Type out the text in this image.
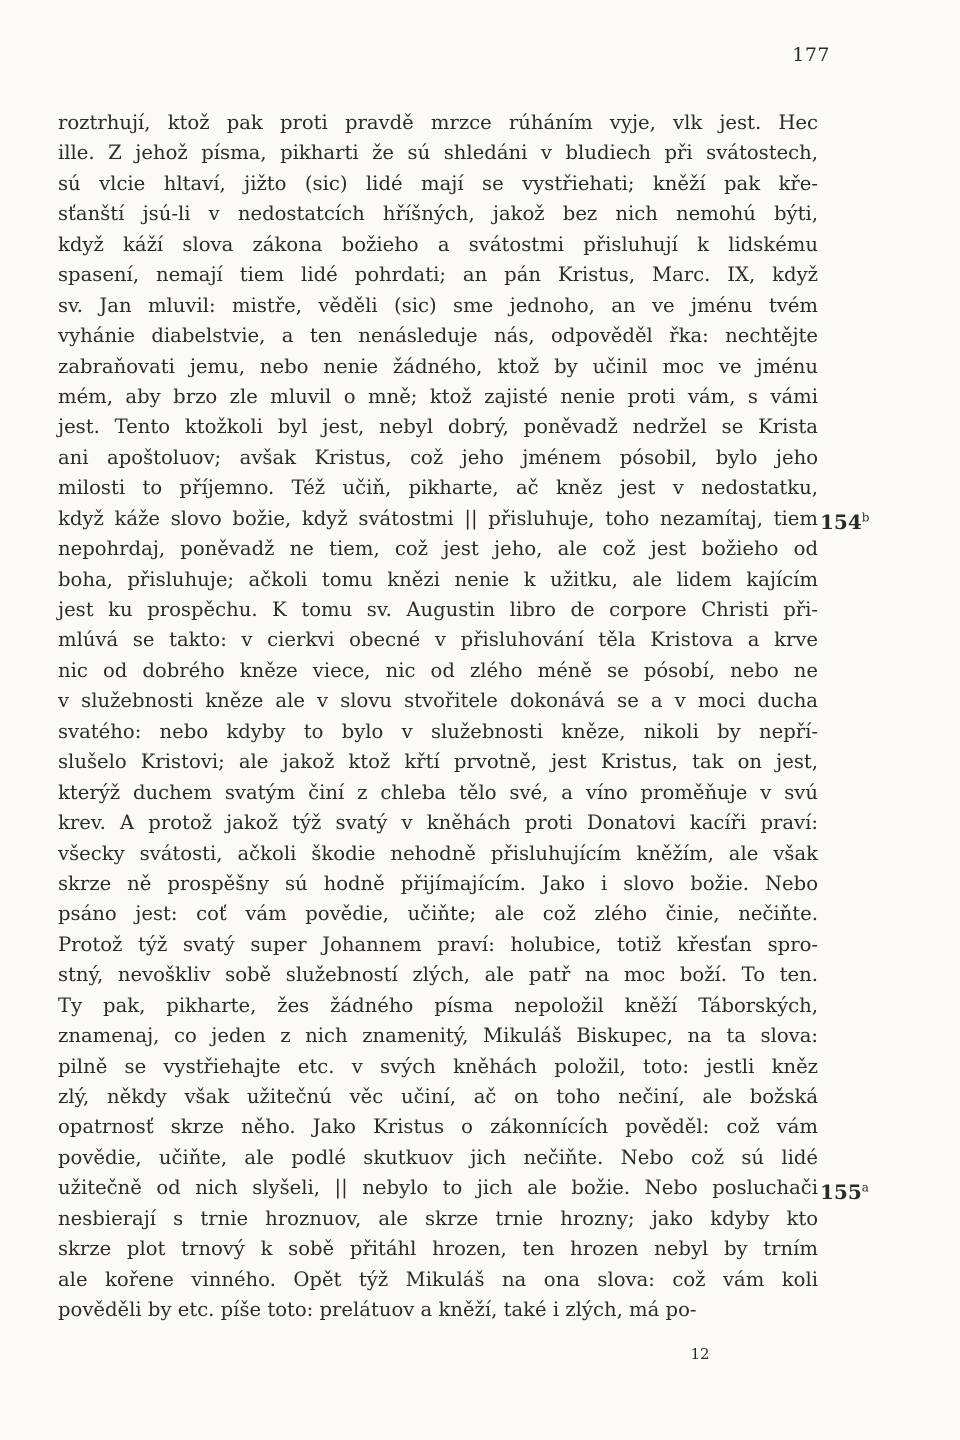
177
roztrhují, ktož pak proti pravdě mrzce rúháním vyje, vlk jest. Hec
ille. Z jehož písma, pikharti že sú shledáni v bludiech při svátostech,
sú vlcie hltaví, jižto (sic) lidé mají se vystřiehati; kněží pak kře-
sťanští jsú-li v nedostatcích hříšných, jakož bez nich nemohú býti,
když káží slova zákona božieho a svátostmi přisluhují k lidskému
spasení, nemají tiem lidé pohrdati; an pán Kristus, Marc. IX, když
sv. Jan mluvil: mistře, věděli (sic) sme jednoho, an ve jménu tvém
vyhánie diabelstvie, a ten nenásleduje nás, odpověděl řka: nechtějte
zabraňovati jemu, nebo nenie žádného, ktož by učinil moc ve jménu
mém, aby brzo zle mluvil o mně; ktož zajisté nenie proti vám, s vámi
jest. Tento ktožkoli byl jest, nebyl dobrý, poněvadž nedržel se Krista
ani apoštoluov; avšak Kristus, což jeho jménem pósobil, bylo jeho
milosti to příjemno. Též učiň, pikharte, ač kněz jest v nedostatku,
když káže slovo božie, když svátostmi || přisluhuje, toho nezamítaj, tiem
nepohrdaj, poněvadž ne tiem, což jest jeho, ale což jest božieho od
boha, přisluhuje; ačkoli tomu knězi nenie k užitku, ale lidem kajícím
jest ku prospěchu. K tomu sv. Augustin libro de corpore Christi při-
mlúvá se takto: v cierkvi obecné v přisluhování těla Kristova a krve
nic od dobrého kněze viece, nic od zlého méně se pósobí, nebo ne
v služebnosti kněze ale v slovu stvořitele dokonává se a v moci ducha
svatého: nebo kdyby to bylo v služebnosti kněze, nikoli by nepří-
slušelo Kristovi; ale jakož ktož křtí prvotně, jest Kristus, tak on jest,
kterýž duchem svatým činí z chleba tělo své, a víno proměňuje v svú
krev. A protož jakož týž svatý v kněhách proti Donatovi kacíři praví:
všecky svátosti, ačkoli škodie nehodně přisluhujícím kněžím, ale však
skrze ně prospěšny sú hodně přijímajícím. Jako i slovo božie. Nebo
psáno jest: coť vám povědie, učiňte; ale což zlého činie, nečiňte.
Protož týž svatý super Johannem praví: holubice, totiž křesťan spro-
stný, nevoškliv sobě služebností zlých, ale patř na moc boží. To ten.
Ty pak, pikharte, žes žádného písma nepoložil kněží Táborských,
znamenaj, co jeden z nich znamenitý, Mikuláš Biskupec, na ta slova:
pilně se vystřiehajte etc. v svých kněhách položil, toto: jestli kněz
zlý, někdy však užitečnú věc učiní, ač on toho nečiní, ale božská
opatrnosť skrze něho. Jako Kristus o zákonnících pověděl: což vám
povědie, učiňte, ale podlé skutkuov jich nečiňte. Nebo což sú lidé
užitečně od nich slyšeli, || nebylo to jich ale božie. Nebo posluchači
nesbierají s trnie hroznuov, ale skrze trnie hrozny; jako kdyby kto
skrze plot trnový k sobě přitáhl hrozen, ten hrozen nebyl by trním
ale kořene vinného. Opět týž Mikuláš na ona slova: což vám koli
pověděli by etc. píše toto: prelátuov a kněží, také i zlých, má po-
154$^b$
155$^a$
12
